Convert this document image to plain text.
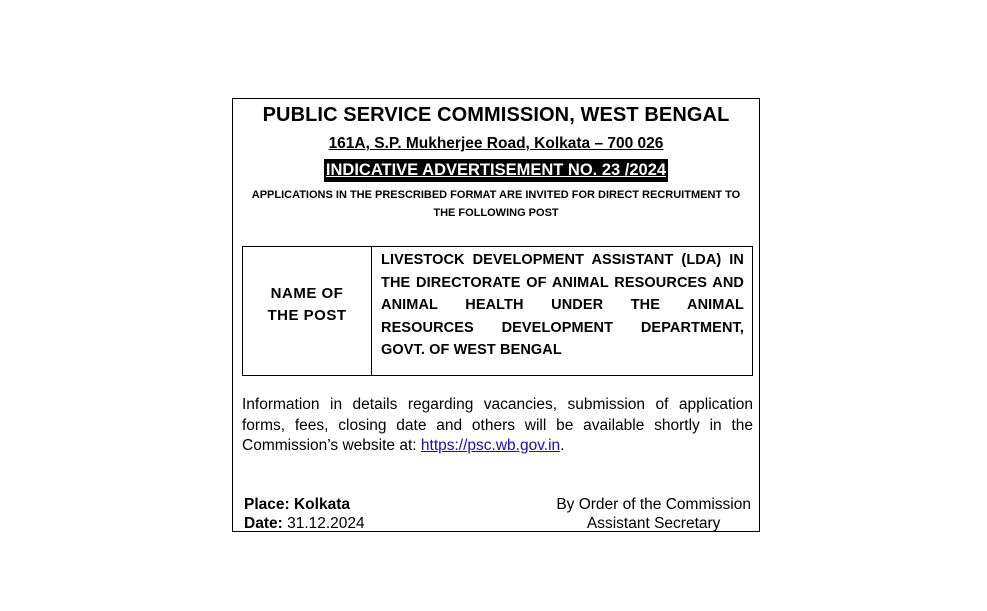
PUBLIC SERVICE COMMISSION, WEST BENGAL
161A, S.P. Mukherjee Road, Kolkata – 700 026
INDICATIVE ADVERTISEMENT NO. 23 /2024
APPLICATIONS IN THE PRESCRIBED FORMAT ARE INVITED FOR DIRECT RECRUITMENT TO THE FOLLOWING POST
NAME OF THE POST
LIVESTOCK DEVELOPMENT ASSISTANT (LDA) IN THE DIRECTORATE OF ANIMAL RESOURCES AND ANIMAL HEALTH UNDER THE ANIMAL RESOURCES DEVELOPMENT DEPARTMENT, GOVT. OF WEST BENGAL
Information in details regarding vacancies, submission of application forms, fees, closing date and others will be available shortly in the Commission’s website at: https://psc.wb.gov.in.
Place: Kolkata
Date: 31.12.2024
By Order of the Commission
Assistant Secretary
